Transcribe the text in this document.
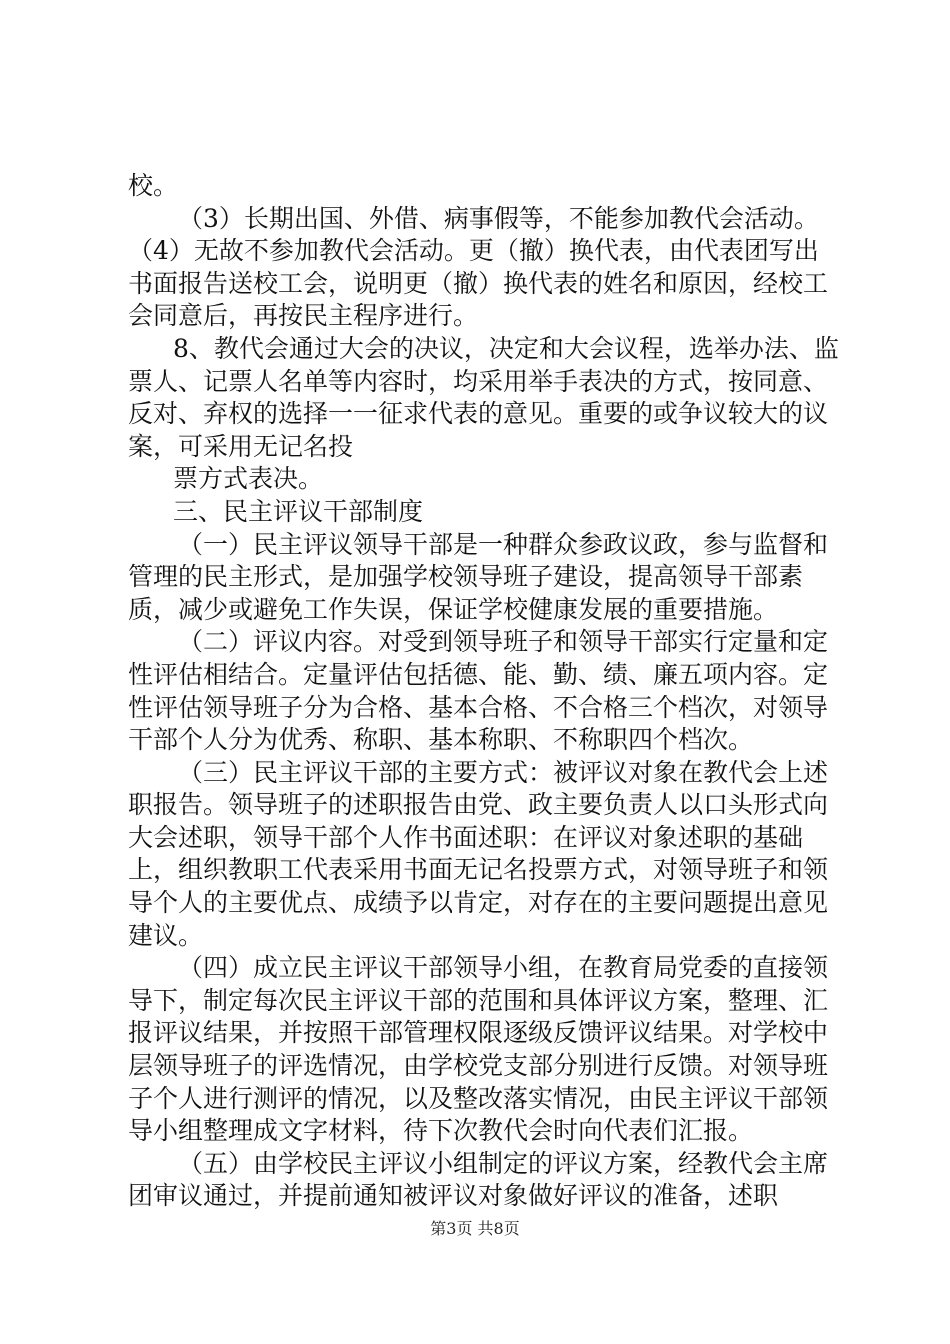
校。

（3）长期出国、外借、病事假等，不能参加教代会活动。

（4）无故不参加教代会活动。更（撤）换代表，由代表团写出书面报告送校工会，说明更（撤）换代表的姓名和原因，经校工会同意后，再按民主程序进行。

8、教代会通过大会的决议，决定和大会议程，选举办法、监票人、记票人名单等内容时，均采用举手表决的方式，按同意、反对、弃权的选择一一征求代表的意见。重要的或争议较大的议案，可采用无记名投

票方式表决。

三、民主评议干部制度

（一）民主评议领导干部是一种群众参政议政，参与监督和管理的民主形式，是加强学校领导班子建设，提高领导干部素质，减少或避免工作失误，保证学校健康发展的重要措施。

（二）评议内容。对受到领导班子和领导干部实行定量和定性评估相结合。定量评估包括德、能、勤、绩、廉五项内容。定性评估领导班子分为合格、基本合格、不合格三个档次，对领导干部个人分为优秀、称职、基本称职、不称职四个档次。

（三）民主评议干部的主要方式：被评议对象在教代会上述职报告。领导班子的述职报告由党、政主要负责人以口头形式向大会述职，领导干部个人作书面述职：在评议对象述职的基础上，组织教职工代表采用书面无记名投票方式，对领导班子和领导个人的主要优点、成绩予以肯定，对存在的主要问题提出意见建议。

（四）成立民主评议干部领导小组，在教育局党委的直接领导下，制定每次民主评议干部的范围和具体评议方案，整理、汇报评议结果，并按照干部管理权限逐级反馈评议结果。对学校中层领导班子的评选情况，由学校党支部分别进行反馈。对领导班子个人进行测评的情况，以及整改落实情况，由民主评议干部领导小组整理成文字材料，待下次教代会时向代表们汇报。

（五）由学校民主评议小组制定的评议方案，经教代会主席团审议通过，并提前通知被评议对象做好评议的准备，述职

第3页 共8页
